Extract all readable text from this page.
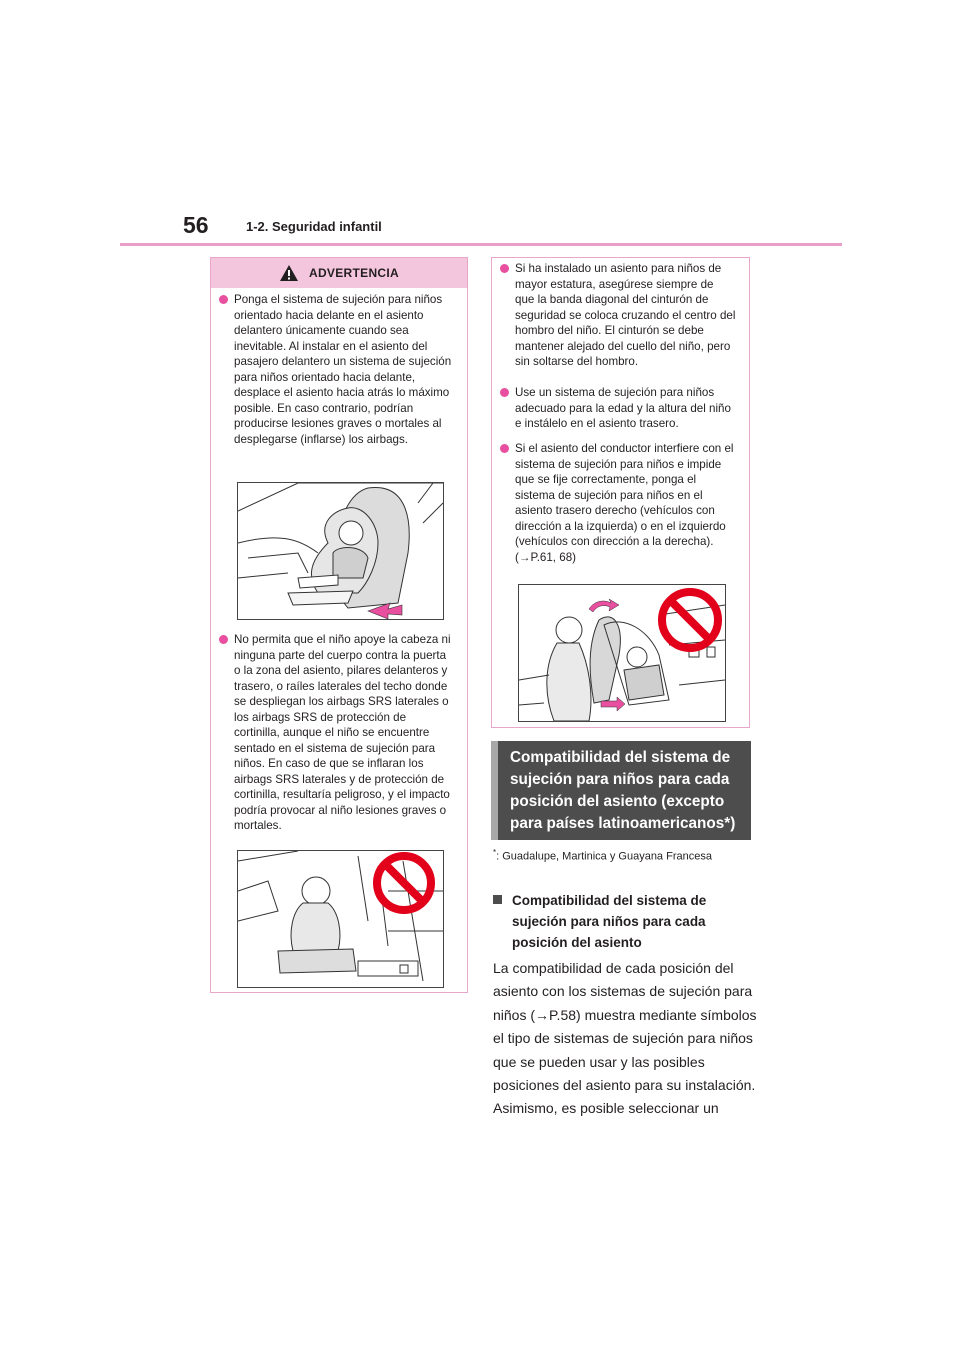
56	1-2. Seguridad infantil
ADVERTENCIA
Ponga el sistema de sujeción para niños orientado hacia delante en el asiento delantero únicamente cuando sea inevitable. Al instalar en el asiento del pasajero delantero un sistema de sujeción para niños orientado hacia delante, desplace el asiento hacia atrás lo máximo posible. En caso contrario, podrían producirse lesiones graves o mortales al desplegarse (inflarse) los airbags.
No permita que el niño apoye la cabeza ni ninguna parte del cuerpo contra la puerta o la zona del asiento, pilares delanteros y trasero, o raíles laterales del techo donde se despliegan los airbags SRS laterales o los airbags SRS de protección de cortinilla, aunque el niño se encuentre sentado en el sistema de sujeción para niños. En caso de que se inflaran los airbags SRS laterales y de protección de cortinilla, resultaría peligroso, y el impacto podría provocar al niño lesiones graves o mortales.
Si ha instalado un asiento para niños de mayor estatura, asegúrese siempre de que la banda diagonal del cinturón de seguridad se coloca cruzando el centro del hombro del niño. El cinturón se debe mantener alejado del cuello del niño, pero sin soltarse del hombro.
Use un sistema de sujeción para niños adecuado para la edad y la altura del niño e instálelo en el asiento trasero.
Si el asiento del conductor interfiere con el sistema de sujeción para niños e impide que se fije correctamente, ponga el sistema de sujeción para niños en el asiento trasero derecho (vehículos con dirección a la izquierda) o en el izquierdo (vehículos con dirección a la derecha). (→P.61, 68)
Compatibilidad del sistema de sujeción para niños para cada posición del asiento (excepto para países latinoamericanos*)
*: Guadalupe, Martinica y Guayana Francesa
Compatibilidad del sistema de sujeción para niños para cada posición del asiento
La compatibilidad de cada posición del asiento con los sistemas de sujeción para niños (→P.58) muestra mediante símbolos el tipo de sistemas de sujeción para niños que se pueden usar y las posibles posiciones del asiento para su instalación. Asimismo, es posible seleccionar un
